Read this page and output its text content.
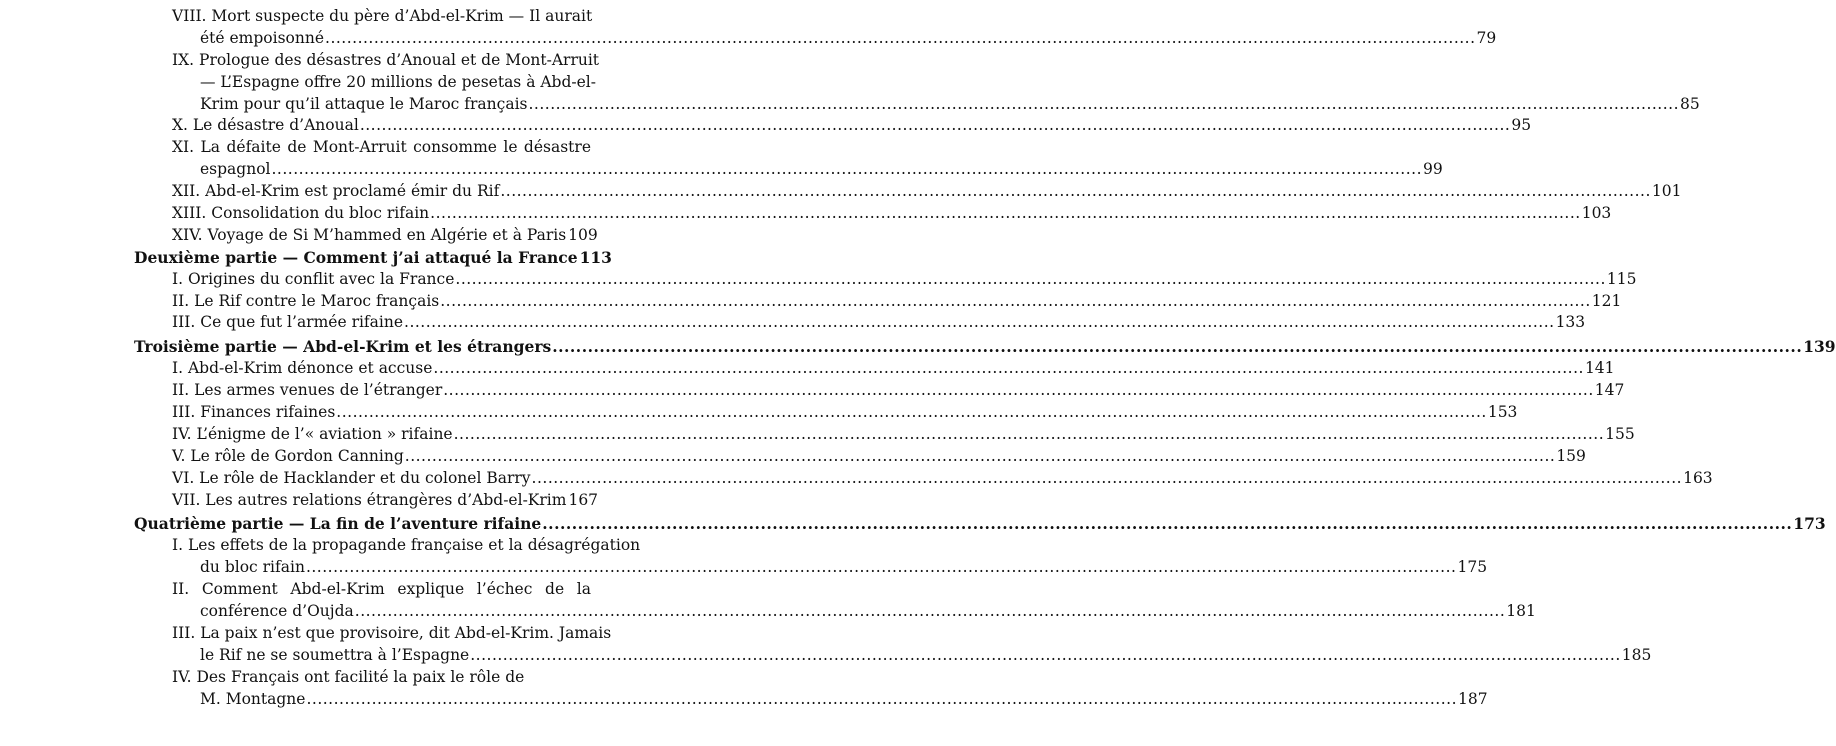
VIII. Mort suspecte du père d’Abd-el-Krim — Il aurait
été empoisonné .....	79
IX. Prologue des désastres d’Anoual et de Mont-Arruit
— L’Espagne offre 20 millions de pesetas à Abd-el-
Krim pour qu’il attaque le Maroc français .....	85
X. Le désastre d’Anoual .....	95
XI. La défaite de Mont-Arruit consomme le désastre
espagnol .....	99
XII. Abd-el-Krim est proclamé émir du Rif .....	101
XIII. Consolidation du bloc rifain .....	103
XIV. Voyage de Si M’hammed en Algérie et à Paris 109
Deuxième partie — Comment j’ai attaqué la France 113
I. Origines du conflit avec la France .....	115
II. Le Rif contre le Maroc français .....	121
III. Ce que fut l’armée rifaine .....	133
Troisième partie — Abd-el-Krim et les étrangers .....	139
I. Abd-el-Krim dénonce et accuse .....	141
II. Les armes venues de l’étranger .....	147
III. Finances rifaines .....	153
IV. L’énigme de l’« aviation » rifaine .....	155
V. Le rôle de Gordon Canning .....	159
VI. Le rôle de Hacklander et du colonel Barry .....	163
VII. Les autres relations étrangères d’Abd-el-Krim 167
Quatrième partie — La fin de l’aventure rifaine .....	173
I. Les effets de la propagande française et la désagrégation
du bloc rifain .....	175
II. Comment Abd-el-Krim explique l’échec de la
conférence d’Oujda .....	181
III. La paix n’est que provisoire, dit Abd-el-Krim. Jamais
le Rif ne se soumettra à l’Espagne .....	185
IV. Des Français ont facilité la paix le rôle de
M. Montagne .....	187
